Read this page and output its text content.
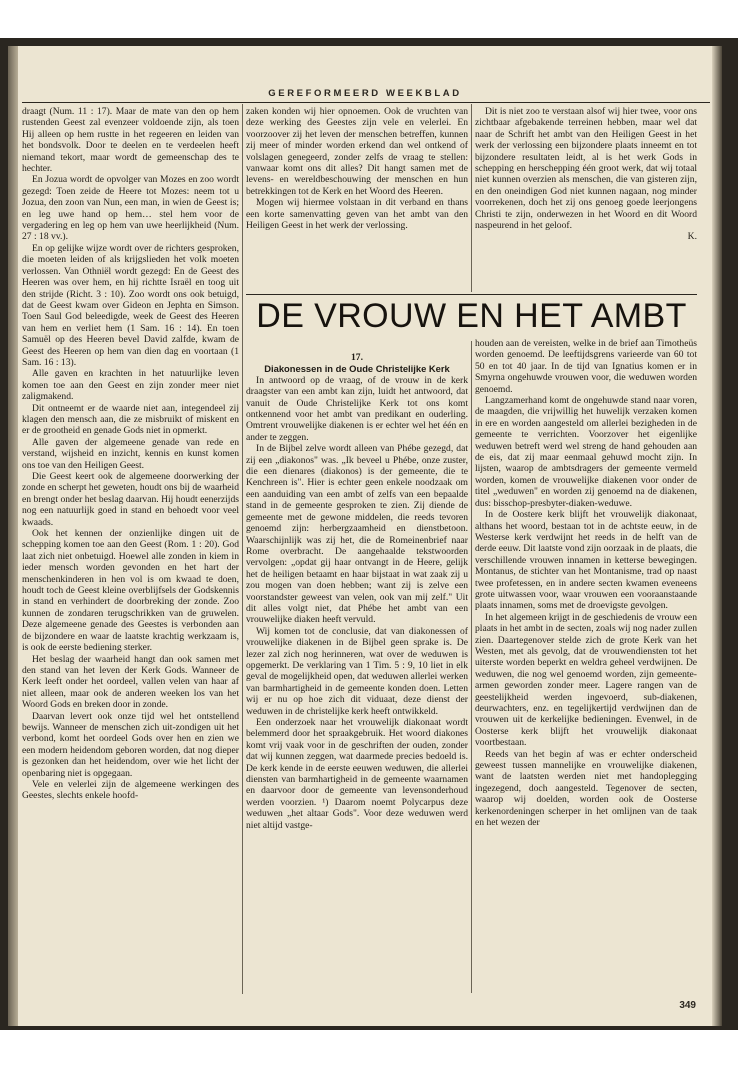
GEREFORMEERD WEEKBLAD

draagt (Num. 11 : 17). Maar de mate van den op hem rustenden Geest zal evenzeer voldoende zijn, als toen Hij alleen op hem rustte in het regeeren en leiden van het bondsvolk. Door te deelen en te verdeelen heeft niemand tekort, maar wordt de gemeenschap des te hechter.

En Jozua wordt de opvolger van Mozes en zoo wordt gezegd: Toen zeide de Heere tot Mozes: neem tot u Jozua, den zoon van Nun, een man, in wien de Geest is; en leg uwe hand op hem… stel hem voor de vergadering en leg op hem van uwe heerlijkheid (Num. 27 : 18 vv.).

En op gelijke wijze wordt over de richters gesproken, die moeten leiden of als krijgslieden het volk moeten verlossen. Van Othniël wordt gezegd: En de Geest des Heeren was over hem, en hij richtte Israël en toog uit den strijde (Richt. 3 : 10). Zoo wordt ons ook betuigd, dat de Geest kwam over Gideon en Jephta en Simson. Toen Saul God beleedigde, week de Geest des Heeren van hem en verliet hem (1 Sam. 16 : 14). En toen Samuël op des Heeren bevel David zalfde, kwam de Geest des Heeren op hem van dien dag en voortaan (1 Sam. 16 : 13).

Alle gaven en krachten in het natuurlijke leven komen toe aan den Geest en zijn zonder meer niet zaligmakend.

Dit ontneemt er de waarde niet aan, integendeel zij klagen den mensch aan, die ze misbruikt of miskent en er de grootheid en genade Gods niet in opmerkt.

Alle gaven der algemeene genade van rede en verstand, wijsheid en inzicht, kennis en kunst komen ons toe van den Heiligen Geest.

Die Geest keert ook de algemeene doorwerking der zonde en scherpt het geweten, houdt ons bij de waarheid en brengt onder het beslag daarvan. Hij houdt eenerzijds nog een natuurlijk goed in stand en behoedt voor veel kwaads.

Ook het kennen der onzienlijke dingen uit de schepping komen toe aan den Geest (Rom. 1 : 20). God laat zich niet onbetuigd. Hoewel alle zonden in kiem in ieder mensch worden gevonden en het hart der menschenkinderen in hen vol is om kwaad te doen, houdt toch de Geest kleine overblijfsels der Godskennis in stand en verhindert de doorbreking der zonde. Zoo kunnen de zondaren terugschrikken van de gruwelen. Deze algemeene genade des Geestes is verbonden aan de bijzondere en waar de laatste krachtig werkzaam is, is ook de eerste bediening sterker.

Het beslag der waarheid hangt dan ook samen met den stand van het leven der Kerk Gods. Wanneer de Kerk leeft onder het oordeel, vallen velen van haar af niet alleen, maar ook de anderen weeken los van het Woord Gods en breken door in zonde.

Daarvan levert ook onze tijd wel het ontstellend bewijs. Wanneer de menschen zich uit-zondigen uit het verbond, komt het oordeel Gods over hen en zien we een modern heidendom geboren worden, dat nog dieper is gezonken dan het heidendom, over wie het licht der openbaring niet is opgegaan.

Vele en velerlei zijn de algemeene werkingen des Geestes, slechts enkele hoofd-

zaken konden wij hier opnoemen. Ook de vruchten van deze werking des Geestes zijn vele en velerlei. En voorzoover zij het leven der menschen betreffen, kunnen zij meer of minder worden erkend dan wel ontkend of volslagen genegeerd, zonder zelfs de vraag te stellen: vanwaar komt ons dit alles? Dit hangt samen met de levens- en wereldbeschouwing der menschen en hun betrekkingen tot de Kerk en het Woord des Heeren.

Mogen wij hiermee volstaan in dit verband en thans een korte samenvatting geven van het ambt van den Heiligen Geest in het werk der verlossing.

Dit is niet zoo te verstaan alsof wij hier twee, voor ons zichtbaar afgebakende terreinen hebben, maar wel dat naar de Schrift het ambt van den Heiligen Geest in het werk der verlossing een bijzondere plaats inneemt en tot bijzondere resultaten leidt, al is het werk Gods in schepping en herschepping één groot werk, dat wij totaal niet kunnen overzien als menschen, die van gisteren zijn, en den oneindigen God niet kunnen nagaan, nog minder voorrekenen, doch het zij ons genoeg goede leerjongens Christi te zijn, onderwezen in het Woord en dit Woord naspeurend in het geloof.

K.

DE VROUW EN HET AMBT

17.

Diakonessen in de Oude Christelijke Kerk

In antwoord op de vraag, of de vrouw in de kerk draagster van een ambt kan zijn, luidt het antwoord, dat vanuit de Oude Christelijke Kerk tot ons komt ontkennend voor het ambt van predikant en ouderling. Omtrent vrouwelijke diakenen is er echter wel het één en ander te zeggen.

In de Bijbel zelve wordt alleen van Phébe gezegd, dat zij een „diakonos" was. „Ik beveel u Phébe, onze zuster, die een dienares (diakonos) is der gemeente, die te Kenchreen is". Hier is echter geen enkele noodzaak om een aanduiding van een ambt of zelfs van een bepaalde stand in de gemeente gesproken te zien. Zij diende de gemeente met de gewone middelen, die reeds tevoren genoemd zijn: herbergzaamheid en dienstbetoon. Waarschijnlijk was zij het, die de Romeinenbrief naar Rome overbracht. De aangehaalde tekstwoorden vervolgen: „opdat gij haar ontvangt in de Heere, gelijk het de heiligen betaamt en haar bijstaat in wat zaak zij u zou mogen van doen hebben; want zij is zelve een voorstandster geweest van velen, ook van mij zelf." Uit dit alles volgt niet, dat Phébe het ambt van een vrouwelijke diaken heeft vervuld.

Wij komen tot de conclusie, dat van diakonessen of vrouwelijke diakenen in de Bijbel geen sprake is. De lezer zal zich nog herinneren, wat over de weduwen is opgemerkt. De verklaring van 1 Tim. 5 : 9, 10 liet in elk geval de mogelijkheid open, dat weduwen allerlei werken van barmhartigheid in de gemeente konden doen. Letten wij er nu op hoe zich dit viduaat, deze dienst der weduwen in de christelijke kerk heeft ontwikkeld.

Een onderzoek naar het vrouwelijk diakonaat wordt belemmerd door het spraakgebruik. Het woord diakones komt vrij vaak voor in de geschriften der ouden, zonder dat wij kunnen zeggen, wat daarmede precies bedoeld is. De kerk kende in de eerste eeuwen weduwen, die allerlei diensten van barmhartigheid in de gemeente waarnamen en daarvoor door de gemeente van levensonderhoud werden voorzien. ¹) Daarom noemt Polycarpus deze weduwen „het altaar Gods". Voor deze weduwen werd niet altijd vastge-

houden aan de vereisten, welke in de brief aan Timotheüs worden genoemd. De leeftijdsgrens varieerde van 60 tot 50 en tot 40 jaar. In de tijd van Ignatius komen er in Smyrna ongehuwde vrouwen voor, die weduwen worden genoemd.

Langzamerhand komt de ongehuwde stand naar voren, de maagden, die vrijwillig het huwelijk verzaken komen in ere en worden aangesteld om allerlei bezigheden in de gemeente te verrichten. Voorzover het eigenlijke weduwen betreft werd wel streng de hand gehouden aan de eis, dat zij maar eenmaal gehuwd mocht zijn. In lijsten, waarop de ambtsdragers der gemeente vermeld worden, komen de vrouwelijke diakenen voor onder de titel „weduwen" en worden zij genoemd na de diakenen, dus: bisschop-presbyter-diaken-weduwe.

In de Oostere kerk blijft het vrouwelijk diakonaat, althans het woord, bestaan tot in de achtste eeuw, in de Westerse kerk verdwijnt het reeds in de helft van de derde eeuw. Dit laatste vond zijn oorzaak in de plaats, die verschillende vrouwen innamen in ketterse bewegingen. Montanus, de stichter van het Montanisme, trad op naast twee profetessen, en in andere secten kwamen eveneens grote uitwassen voor, waar vrouwen een vooraanstaande plaats innamen, soms met de droevigste gevolgen.

In het algemeen krijgt in de geschiedenis de vrouw een plaats in het ambt in de secten, zoals wij nog nader zullen zien. Daartegenover stelde zich de grote Kerk van het Westen, met als gevolg, dat de vrouwendiensten tot het uiterste worden beperkt en weldra geheel verdwijnen. De weduwen, die nog wel genoemd worden, zijn gemeente-armen geworden zonder meer. Lagere rangen van de geestelijkheid werden ingevoerd, sub-diakenen, deurwachters, enz. en tegelijkertijd verdwijnen dan de vrouwen uit de kerkelijke bedieningen. Evenwel, in de Oosterse kerk blijft het vrouwelijk diakonaat voortbestaan.

Reeds van het begin af was er echter onderscheid geweest tussen mannelijke en vrouwelijke diakenen, want de laatsten werden niet met handoplegging ingezegend, doch aangesteld. Tegenover de secten, waarop wij doelden, worden ook de Oosterse kerkenordeningen scherper in het omlijnen van de taak en het wezen der

349
